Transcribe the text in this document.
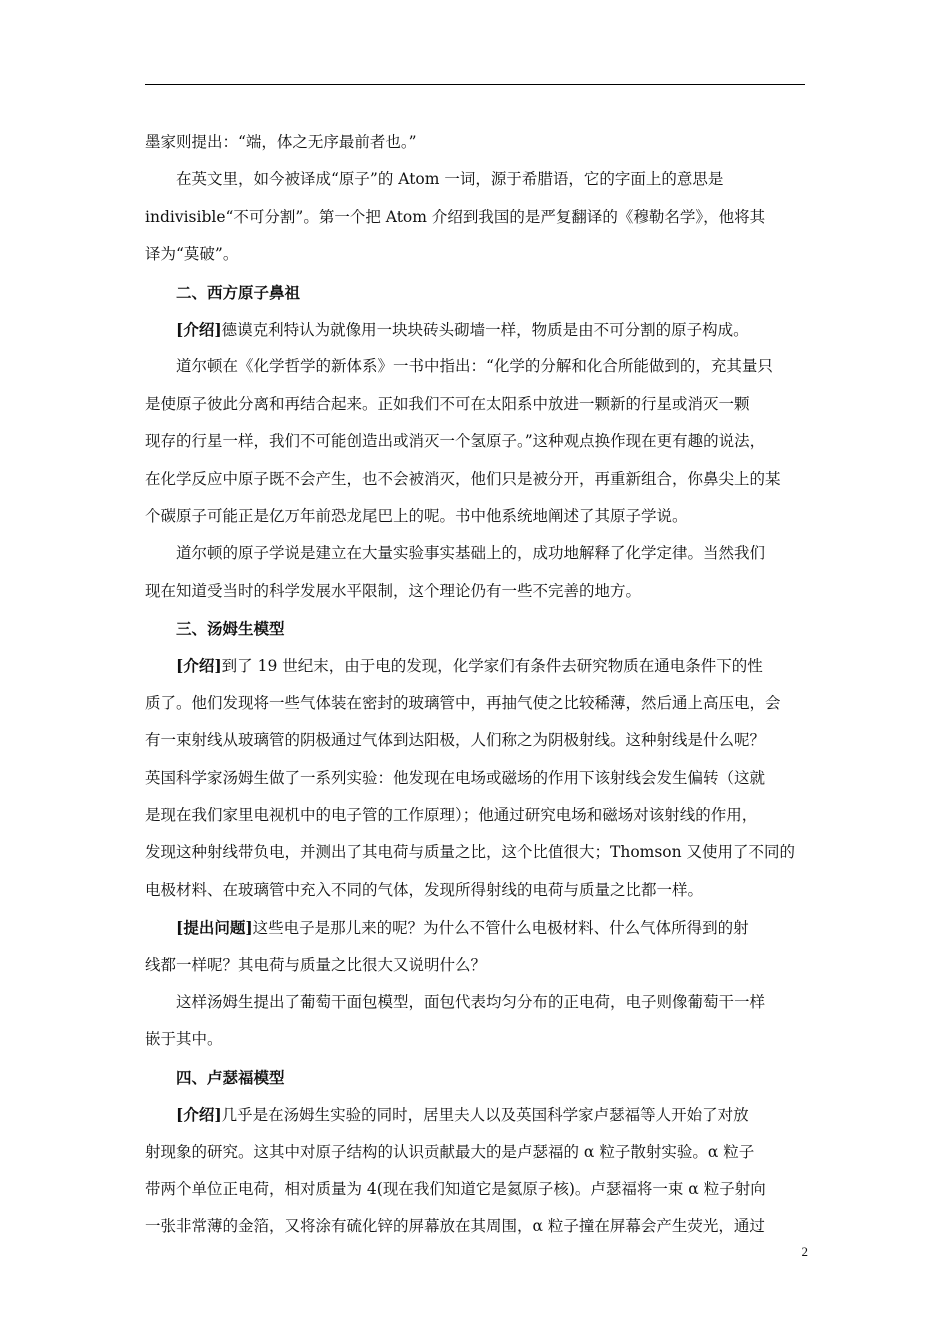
墨家则提出：“端，体之无序最前者也。”
在英文里，如今被译成“原子”的 Atom 一词，源于希腊语，它的字面上的意思是
indivisible“不可分割”。第一个把 Atom 介绍到我国的是严复翻译的《穆勒名学》，他将其
译为“莫破”。
二、西方原子鼻祖
[介绍]德谟克利特认为就像用一块块砖头砌墙一样，物质是由不可分割的原子构成。
道尔顿在《化学哲学的新体系》一书中指出：“化学的分解和化合所能做到的，充其量只
是使原子彼此分离和再结合起来。正如我们不可在太阳系中放进一颗新的行星或消灭一颗
现存的行星一样，我们不可能创造出或消灭一个氢原子。”这种观点换作现在更有趣的说法，
在化学反应中原子既不会产生，也不会被消灭，他们只是被分开，再重新组合，你鼻尖上的某
个碳原子可能正是亿万年前恐龙尾巴上的呢。书中他系统地阐述了其原子学说。
道尔顿的原子学说是建立在大量实验事实基础上的，成功地解释了化学定律。当然我们
现在知道受当时的科学发展水平限制，这个理论仍有一些不完善的地方。
三、汤姆生模型
[介绍]到了 19 世纪末，由于电的发现，化学家们有条件去研究物质在通电条件下的性
质了。他们发现将一些气体装在密封的玻璃管中，再抽气使之比较稀薄，然后通上高压电，会
有一束射线从玻璃管的阴极通过气体到达阳极，人们称之为阴极射线。这种射线是什么呢？
英国科学家汤姆生做了一系列实验：他发现在电场或磁场的作用下该射线会发生偏转（这就
是现在我们家里电视机中的电子管的工作原理）；他通过研究电场和磁场对该射线的作用，
发现这种射线带负电，并测出了其电荷与质量之比，这个比值很大；Thomson 又使用了不同的
电极材料、在玻璃管中充入不同的气体，发现所得射线的电荷与质量之比都一样。
[提出问题]这些电子是那儿来的呢？为什么不管什么电极材料、什么气体所得到的射
线都一样呢？其电荷与质量之比很大又说明什么？
这样汤姆生提出了葡萄干面包模型，面包代表均匀分布的正电荷，电子则像葡萄干一样
嵌于其中。
四、卢瑟福模型
[介绍]几乎是在汤姆生实验的同时，居里夫人以及英国科学家卢瑟福等人开始了对放
射现象的研究。这其中对原子结构的认识贡献最大的是卢瑟福的 α 粒子散射实验。α 粒子
带两个单位正电荷，相对质量为 4(现在我们知道它是氦原子核)。卢瑟福将一束 α 粒子射向
一张非常薄的金箔，又将涂有硫化锌的屏幕放在其周围，α 粒子撞在屏幕会产生荧光，通过
2
